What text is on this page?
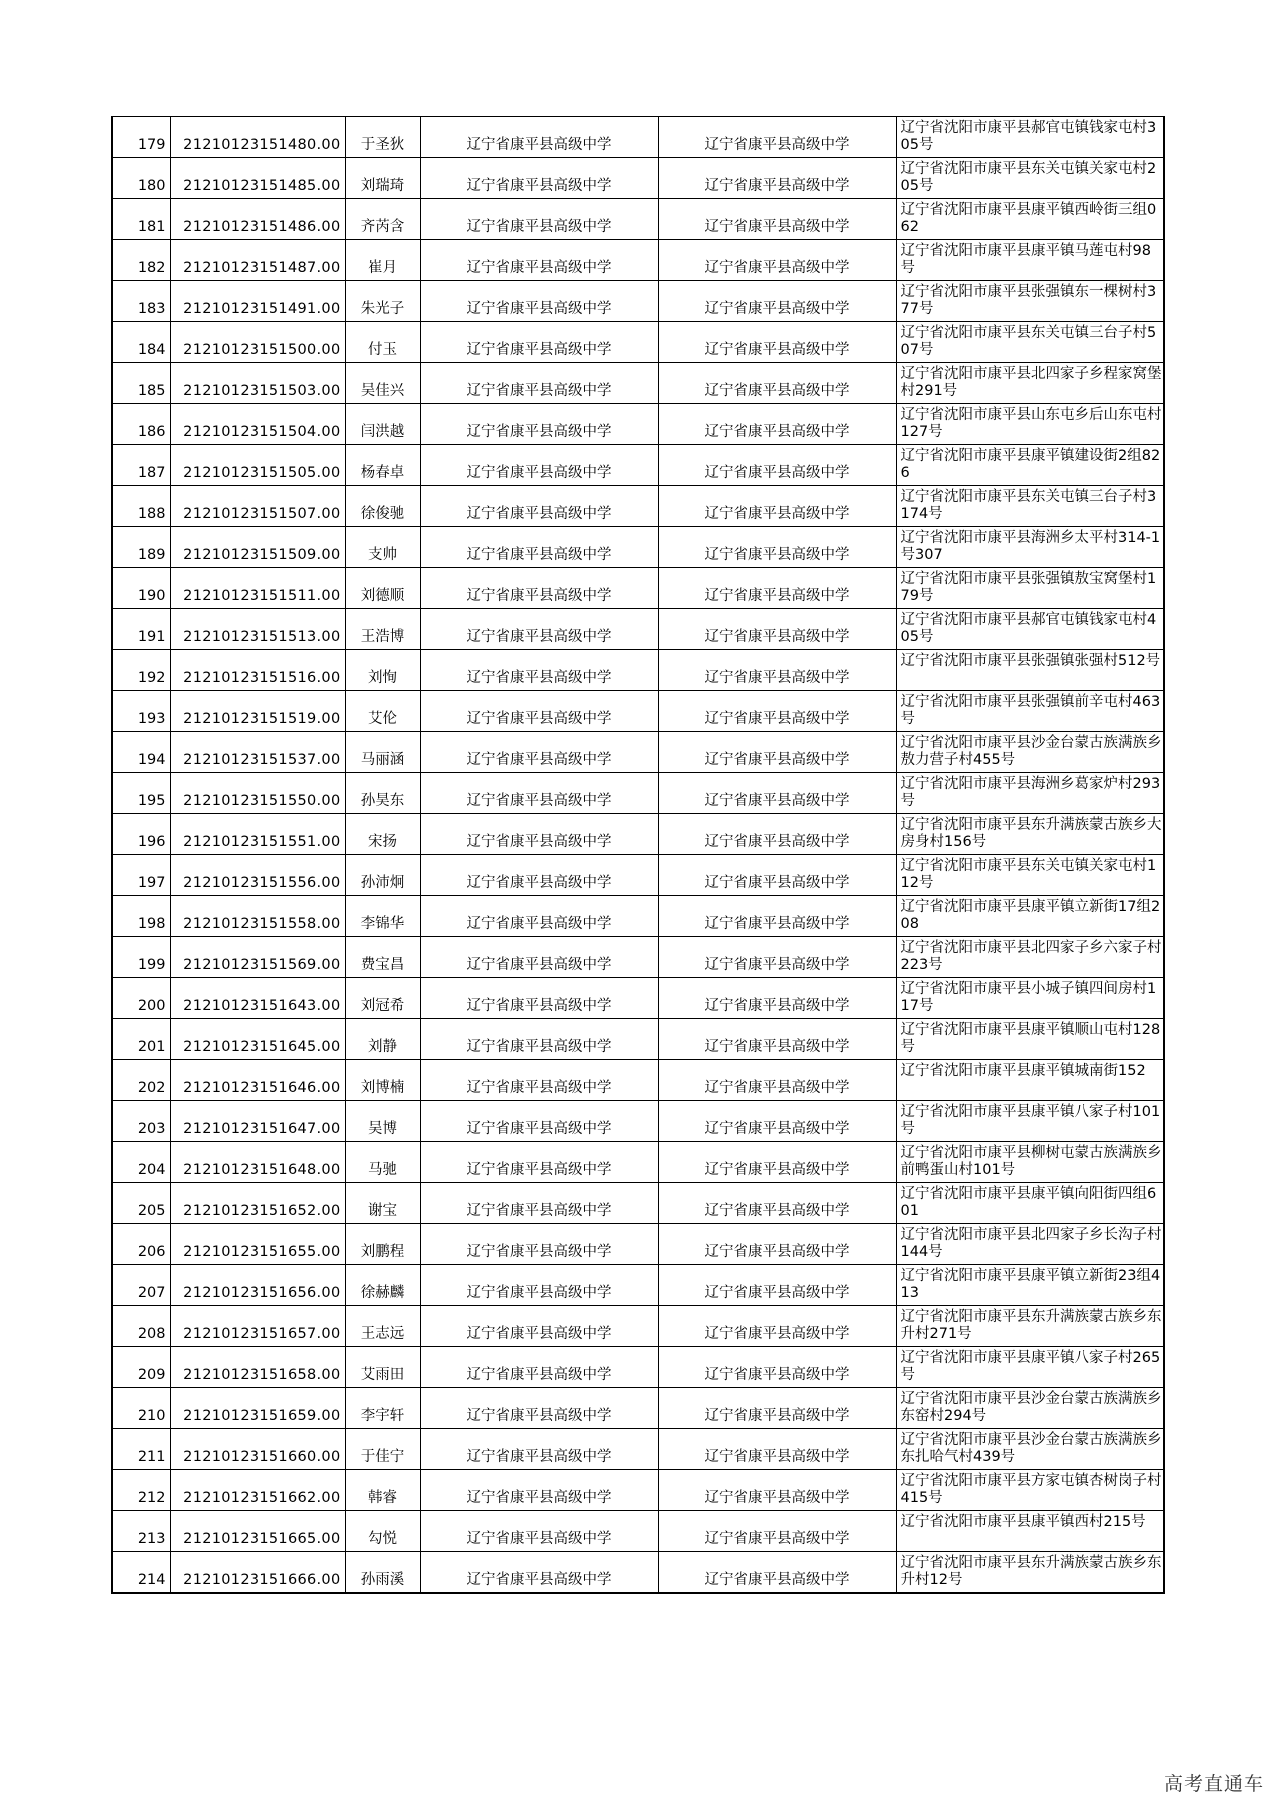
179	21210123151480.00	于圣狄	辽宁省康平县高级中学	辽宁省康平县高级中学	辽宁省沈阳市康平县郝官屯镇钱家屯村305号

180	21210123151485.00	刘瑞琦	辽宁省康平县高级中学	辽宁省康平县高级中学	辽宁省沈阳市康平县东关屯镇关家屯村205号

181	21210123151486.00	齐芮含	辽宁省康平县高级中学	辽宁省康平县高级中学	辽宁省沈阳市康平县康平镇西岭街三组062

182	21210123151487.00	崔月	辽宁省康平县高级中学	辽宁省康平县高级中学	辽宁省沈阳市康平县康平镇马莲屯村98号

183	21210123151491.00	朱光子	辽宁省康平县高级中学	辽宁省康平县高级中学	辽宁省沈阳市康平县张强镇东一棵树村377号

184	21210123151500.00	付玉	辽宁省康平县高级中学	辽宁省康平县高级中学	辽宁省沈阳市康平县东关屯镇三台子村507号

185	21210123151503.00	吴佳兴	辽宁省康平县高级中学	辽宁省康平县高级中学	辽宁省沈阳市康平县北四家子乡程家窝堡村291号

186	21210123151504.00	闫洪越	辽宁省康平县高级中学	辽宁省康平县高级中学	辽宁省沈阳市康平县山东屯乡后山东屯村127号

187	21210123151505.00	杨春卓	辽宁省康平县高级中学	辽宁省康平县高级中学	辽宁省沈阳市康平县康平镇建设街2组826

188	21210123151507.00	徐俊驰	辽宁省康平县高级中学	辽宁省康平县高级中学	辽宁省沈阳市康平县东关屯镇三台子村3174号

189	21210123151509.00	支帅	辽宁省康平县高级中学	辽宁省康平县高级中学	辽宁省沈阳市康平县海洲乡太平村314-1号307

190	21210123151511.00	刘德顺	辽宁省康平县高级中学	辽宁省康平县高级中学	辽宁省沈阳市康平县张强镇敖宝窝堡村179号

191	21210123151513.00	王浩博	辽宁省康平县高级中学	辽宁省康平县高级中学	辽宁省沈阳市康平县郝官屯镇钱家屯村405号

192	21210123151516.00	刘恂	辽宁省康平县高级中学	辽宁省康平县高级中学	辽宁省沈阳市康平县张强镇张强村512号

193	21210123151519.00	艾伦	辽宁省康平县高级中学	辽宁省康平县高级中学	辽宁省沈阳市康平县张强镇前辛屯村463号

194	21210123151537.00	马丽涵	辽宁省康平县高级中学	辽宁省康平县高级中学	辽宁省沈阳市康平县沙金台蒙古族满族乡敖力营子村455号

195	21210123151550.00	孙昊东	辽宁省康平县高级中学	辽宁省康平县高级中学	辽宁省沈阳市康平县海洲乡葛家炉村293号

196	21210123151551.00	宋扬	辽宁省康平县高级中学	辽宁省康平县高级中学	辽宁省沈阳市康平县东升满族蒙古族乡大房身村156号

197	21210123151556.00	孙沛炯	辽宁省康平县高级中学	辽宁省康平县高级中学	辽宁省沈阳市康平县东关屯镇关家屯村112号

198	21210123151558.00	李锦华	辽宁省康平县高级中学	辽宁省康平县高级中学	辽宁省沈阳市康平县康平镇立新街17组208

199	21210123151569.00	费宝昌	辽宁省康平县高级中学	辽宁省康平县高级中学	辽宁省沈阳市康平县北四家子乡六家子村223号

200	21210123151643.00	刘冠希	辽宁省康平县高级中学	辽宁省康平县高级中学	辽宁省沈阳市康平县小城子镇四间房村117号

201	21210123151645.00	刘静	辽宁省康平县高级中学	辽宁省康平县高级中学	辽宁省沈阳市康平县康平镇顺山屯村128号

202	21210123151646.00	刘博楠	辽宁省康平县高级中学	辽宁省康平县高级中学	辽宁省沈阳市康平县康平镇城南街152

203	21210123151647.00	吴博	辽宁省康平县高级中学	辽宁省康平县高级中学	辽宁省沈阳市康平县康平镇八家子村101号

204	21210123151648.00	马驰	辽宁省康平县高级中学	辽宁省康平县高级中学	辽宁省沈阳市康平县柳树屯蒙古族满族乡前鸭蛋山村101号

205	21210123151652.00	谢宝	辽宁省康平县高级中学	辽宁省康平县高级中学	辽宁省沈阳市康平县康平镇向阳街四组601

206	21210123151655.00	刘鹏程	辽宁省康平县高级中学	辽宁省康平县高级中学	辽宁省沈阳市康平县北四家子乡长沟子村144号

207	21210123151656.00	徐赫麟	辽宁省康平县高级中学	辽宁省康平县高级中学	辽宁省沈阳市康平县康平镇立新街23组413

208	21210123151657.00	王志远	辽宁省康平县高级中学	辽宁省康平县高级中学	辽宁省沈阳市康平县东升满族蒙古族乡东升村271号

209	21210123151658.00	艾雨田	辽宁省康平县高级中学	辽宁省康平县高级中学	辽宁省沈阳市康平县康平镇八家子村265号

210	21210123151659.00	李宇轩	辽宁省康平县高级中学	辽宁省康平县高级中学	辽宁省沈阳市康平县沙金台蒙古族满族乡东窑村294号

211	21210123151660.00	于佳宁	辽宁省康平县高级中学	辽宁省康平县高级中学	辽宁省沈阳市康平县沙金台蒙古族满族乡东扎哈气村439号

212	21210123151662.00	韩睿	辽宁省康平县高级中学	辽宁省康平县高级中学	辽宁省沈阳市康平县方家屯镇杏树岗子村415号

213	21210123151665.00	勾悦	辽宁省康平县高级中学	辽宁省康平县高级中学	辽宁省沈阳市康平县康平镇西村215号

214	21210123151666.00	孙雨溪	辽宁省康平县高级中学	辽宁省康平县高级中学	辽宁省沈阳市康平县东升满族蒙古族乡东升村12号
高考直通车
